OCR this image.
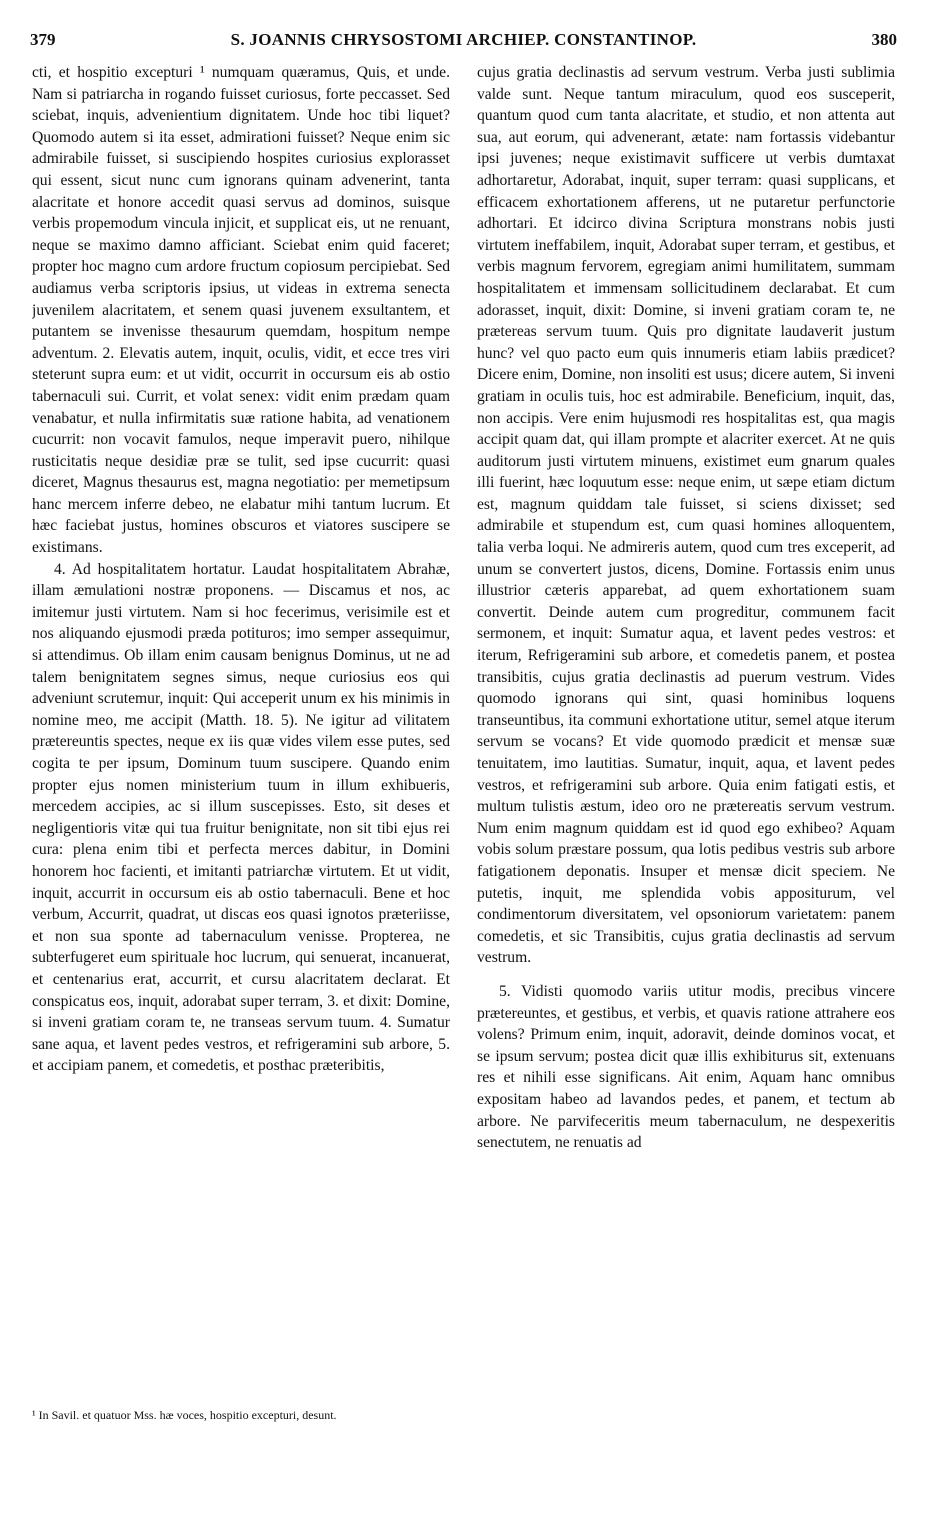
379	S. JOANNIS CHRYSOSTOMI ARCHIEP. CONSTANTINOP.	380

cti, et hospitio excepturi ¹ numquam quæramus, Quis, et unde. Nam si patriarcha in rogando fuisset curiosus, forte peccasset. Sed sciebat, inquis, advenientium dignitatem. Unde hoc tibi liquet? Quomodo autem si ita esset, admirationi fuisset? Neque enim sic admirabile fuisset, si suscipiendo hospites curiosius explorasset qui essent, sicut nunc cum ignorans quinam advenerint, tanta alacritate et honore accedit quasi servus ad dominos, suisque verbis propemodum vincula injicit, et supplicat eis, ut ne renuant, neque se maximo damno afficiant. Sciebat enim quid faceret; propter hoc magno cum ardore fructum copiosum percipiebat. Sed audiamus verba scriptoris ipsius, ut videas in extrema senecta juvenilem alacritatem, et senem quasi juvenem exsultantem, et putantem se invenisse thesaurum quemdam, hospitum nempe adventum. 2. Elevatis autem, inquit, oculis, vidit, et ecce tres viri steterunt supra eum: et ut vidit, occurrit in occursum eis ab ostio tabernaculi sui. Currit, et volat senex: vidit enim prædam quam venabatur, et nulla infirmitatis suæ ratione habita, ad venationem cucurrit: non vocavit famulos, neque imperavit puero, nihilque rusticitatis neque desidiæ præ se tulit, sed ipse cucurrit: quasi diceret, Magnus thesaurus est, magna negotiatio: per memetipsum hanc mercem inferre debeo, ne elabatur mihi tantum lucrum. Et hæc faciebat justus, homines obscuros et viatores suscipere se existimans.

4. Ad hospitalitatem hortatur. Laudat hospitalitatem Abrahæ, illam æmulationi nostræ proponens. — Discamus et nos, ac imitemur justi virtutem. Nam si hoc fecerimus, verisimile est et nos aliquando ejusmodi præda potituros; imo semper assequimur, si attendimus. Ob illam enim causam benignus Dominus, ut ne ad talem benignitatem segnes simus, neque curiosius eos qui adveniunt scrutemur, inquit: Qui acceperit unum ex his minimis in nomine meo, me accipit (Matth. 18. 5). Ne igitur ad vilitatem prætereuntis spectes, neque ex iis quæ vides vilem esse putes, sed cogita te per ipsum, Dominum tuum suscipere. Quando enim propter ejus nomen ministerium tuum in illum exhibueris, mercedem accipies, ac si illum suscepisses. Esto, sit deses et negligentioris vitæ qui tua fruitur benignitate, non sit tibi ejus rei cura: plena enim tibi et perfecta merces dabitur, in Domini honorem hoc facienti, et imitanti patriarchæ virtutem. Et ut vidit, inquit, accurrit in occursum eis ab ostio tabernaculi. Bene et hoc verbum, Accurrit, quadrat, ut discas eos quasi ignotos præteriisse, et non sua sponte ad tabernaculum venisse. Propterea, ne subterfugeret eum spirituale hoc lucrum, qui senuerat, incanuerat, et centenarius erat, accurrit, et cursu alacritatem declarat. Et conspicatus eos, inquit, adorabat super terram, 3. et dixit: Domine, si inveni gratiam coram te, ne transeas servum tuum. 4. Sumatur sane aqua, et lavent pedes vestros, et refrigeramini sub arbore, 5. et accipiam panem, et comedetis, et posthac præteribitis,

cujus gratia declinastis ad servum vestrum. Verba justi sublimia valde sunt. Neque tantum miraculum, quod eos susceperit, quantum quod cum tanta alacritate, et studio, et non attenta aut sua, aut eorum, qui advenerant, ætate: nam fortassis videbantur ipsi juvenes; neque existimavit sufficere ut verbis dumtaxat adhortaretur, Adorabat, inquit, super terram: quasi supplicans, et efficacem exhortationem afferens, ut ne putaretur perfunctorie adhortari. Et idcirco divina Scriptura monstrans nobis justi virtutem ineffabilem, inquit, Adorabat super terram, et gestibus, et verbis magnum fervorem, egregiam animi humilitatem, summam hospitalitatem et immensam sollicitudinem declarabat. Et cum adorasset, inquit, dixit: Domine, si inveni gratiam coram te, ne prætereas servum tuum. Quis pro dignitate laudaverit justum hunc? vel quo pacto eum quis innumeris etiam labiis prædicet? Dicere enim, Domine, non insoliti est usus; dicere autem, Si inveni gratiam in oculis tuis, hoc est admirabile. Beneficium, inquit, das, non accipis. Vere enim hujusmodi res hospitalitas est, qua magis accipit quam dat, qui illam prompte et alacriter exercet. At ne quis auditorum justi virtutem minuens, existimet eum gnarum quales illi fuerint, hæc loquutum esse: neque enim, ut sæpe etiam dictum est, magnum quiddam tale fuisset, si sciens dixisset; sed admirabile et stupendum est, cum quasi homines alloquentem, talia verba loqui. Ne admireris autem, quod cum tres exceperit, ad unum se convertert justos, dicens, Domine. Fortassis enim unus illustrior cæteris apparebat, ad quem exhortationem suam convertit. Deinde autem cum progreditur, communem facit sermonem, et inquit: Sumatur aqua, et lavent pedes vestros: et iterum, Refrigeramini sub arbore, et comedetis panem, et postea transibitis, cujus gratia declinastis ad puerum vestrum. Vides quomodo ignorans qui sint, quasi hominibus loquens transeuntibus, ita communi exhortatione utitur, semel atque iterum servum se vocans? Et vide quomodo prædicit et mensæ suæ tenuitatem, imo lautitias. Sumatur, inquit, aqua, et lavent pedes vestros, et refrigeramini sub arbore. Quia enim fatigati estis, et multum tulistis æstum, ideo oro ne prætereatis servum vestrum. Num enim magnum quiddam est id quod ego exhibeo? Aquam vobis solum præstare possum, qua lotis pedibus vestris sub arbore fatigationem deponatis. Insuper et mensæ dicit speciem. Ne putetis, inquit, me splendida vobis appositurum, vel condimentorum diversitatem, vel opsoniorum varietatem: panem comedetis, et sic Transibitis, cujus gratia declinastis ad servum vestrum.

5. Vidisti quomodo variis utitur modis, precibus vincere prætereuntes, et gestibus, et verbis, et quavis ratione attrahere eos volens? Primum enim, inquit, adoravit, deinde dominos vocat, et se ipsum servum; postea dicit quæ illis exhibiturus sit, extenuans res et nihili esse significans. Ait enim, Aquam hanc omnibus expositam habeo ad lavandos pedes, et panem, et tectum ab arbore. Ne parvifeceritis meum tabernaculum, ne despexeritis senectutem, ne renuatis ad

¹ In Savil. et quatuor Mss. hæ voces, hospitio excepturi, desunt.
